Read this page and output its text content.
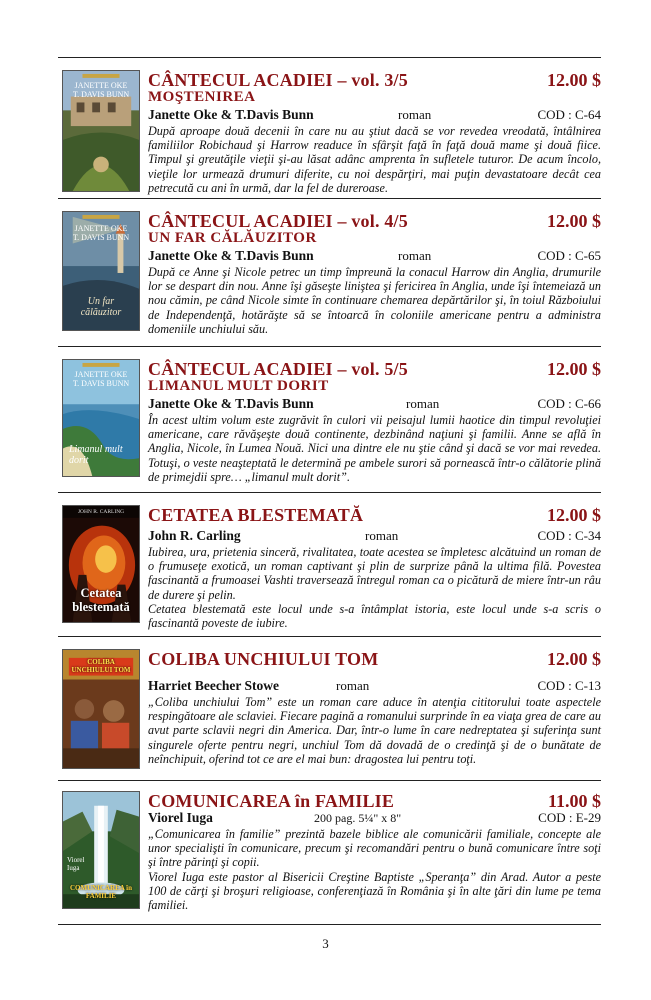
JANETTE OKE
T. DAVIS BUNN
CÂNTECUL ACADIEI – vol. 3/5	12.00 $
MOŞTENIREA
Janette Oke & T.Davis Bunn	roman	COD : C-64
După aproape două decenii în care nu au ştiut dacă se vor revedea vreodată, întâlnirea familiilor Robichaud şi Harrow readuce în sfârşit faţă în faţă două mame şi două fiice. Timpul şi greutăţile vieţii şi-au lăsat adânc amprenta în sufletele tuturor. De acum încolo, vieţile lor urmează drumuri diferite, cu noi despărţiri, mai puţin devastatoare decât cea petrecută cu ani în urmă, dar la fel de dureroase.
JANETTE OKE
T. DAVIS BUNN
Un far călăuzitor
CÂNTECUL ACADIEI – vol. 4/5	12.00 $
UN FAR CĂLĂUZITOR
Janette Oke & T.Davis Bunn	roman	COD : C-65
După ce Anne şi Nicole petrec un timp împreună la conacul Harrow din Anglia, drumurile lor se despart din nou. Anne îşi găseşte liniştea şi fericirea în Anglia, unde îşi întemeiază un nou cămin, pe când Nicole simte în continuare chemarea depărtărilor şi, în toiul Războiului de Independenţă, hotărăşte să se întoarcă în coloniile americane pentru a administra domeniile unchiului său.
JANETTE OKE
T. DAVIS BUNN
Limanul mult dorit
CÂNTECUL ACADIEI – vol. 5/5	12.00 $
LIMANUL MULT DORIT
Janette Oke & T.Davis Bunn	roman	COD : C-66
În acest ultim volum este zugrăvit în culori vii peisajul lumii haotice din timpul revoluţiei americane, care răvăşeşte două continente, dezbinând naţiuni şi familii. Anne se află în Anglia, Nicole, în Lumea Nouă. Nici una dintre ele nu ştie când şi dacă se vor mai revedea. Totuşi, o veste neaşteptată le determină pe ambele surori să pornească într-o călătorie plină de primejdii spre… „limanul mult dorit”.
JOHN R. CARLING
Cetatea
blestemată
CETATEA BLESTEMATĂ	12.00 $
John R. Carling	roman	COD : C-34
Iubirea, ura, prietenia sinceră, rivalitatea, toate acestea se împletesc alcătuind un roman de o frumuseţe exotică, un roman captivant şi plin de surprize până la ultima filă. Povestea fascinantă a frumoasei Vashti traversează întregul roman ca o picătură de miere într-un râu de durere şi pelin.
Cetatea blestemată este locul unde s-a întâmplat istoria, este locul unde s-a scris o fascinantă poveste de iubire.
COLIBA
UNCHIULUI TOM
COLIBA UNCHIULUI TOM	12.00 $
Harriet Beecher Stowe	roman	COD : C-13
„Coliba unchiului Tom” este un roman care aduce în atenţia cititorului toate aspectele respingătoare ale sclaviei. Fiecare pagină a romanului surprinde în ea viaţa grea de care au avut parte sclavii negri din America. Dar, într-o lume în care nedreptatea şi suferinţa sunt singurele oferte pentru negri, unchiul Tom dă dovadă de o credinţă şi de o bunătate de neînchipuit, oferind tot ce are el mai bun: dragostea lui pentru toţi.
Viorel
Iuga
COMUNICAREA în FAMILIE
COMUNICAREA în FAMILIE	11.00 $
Viorel Iuga	200 pag. 5¼" x 8"	COD : E-29
„Comunicarea în familie” prezintă bazele biblice ale comunicării familiale, concepte ale unor specialişti în comunicare, precum şi recomandări pentru o bună comunicare între soţi şi între părinţi şi copii.
Viorel Iuga este pastor al Bisericii Creştine Baptiste „Speranţa” din Arad. Autor a peste 100 de cărţi şi broşuri religioase, conferenţiază în România şi în alte ţări din lume pe tema familiei.
3
